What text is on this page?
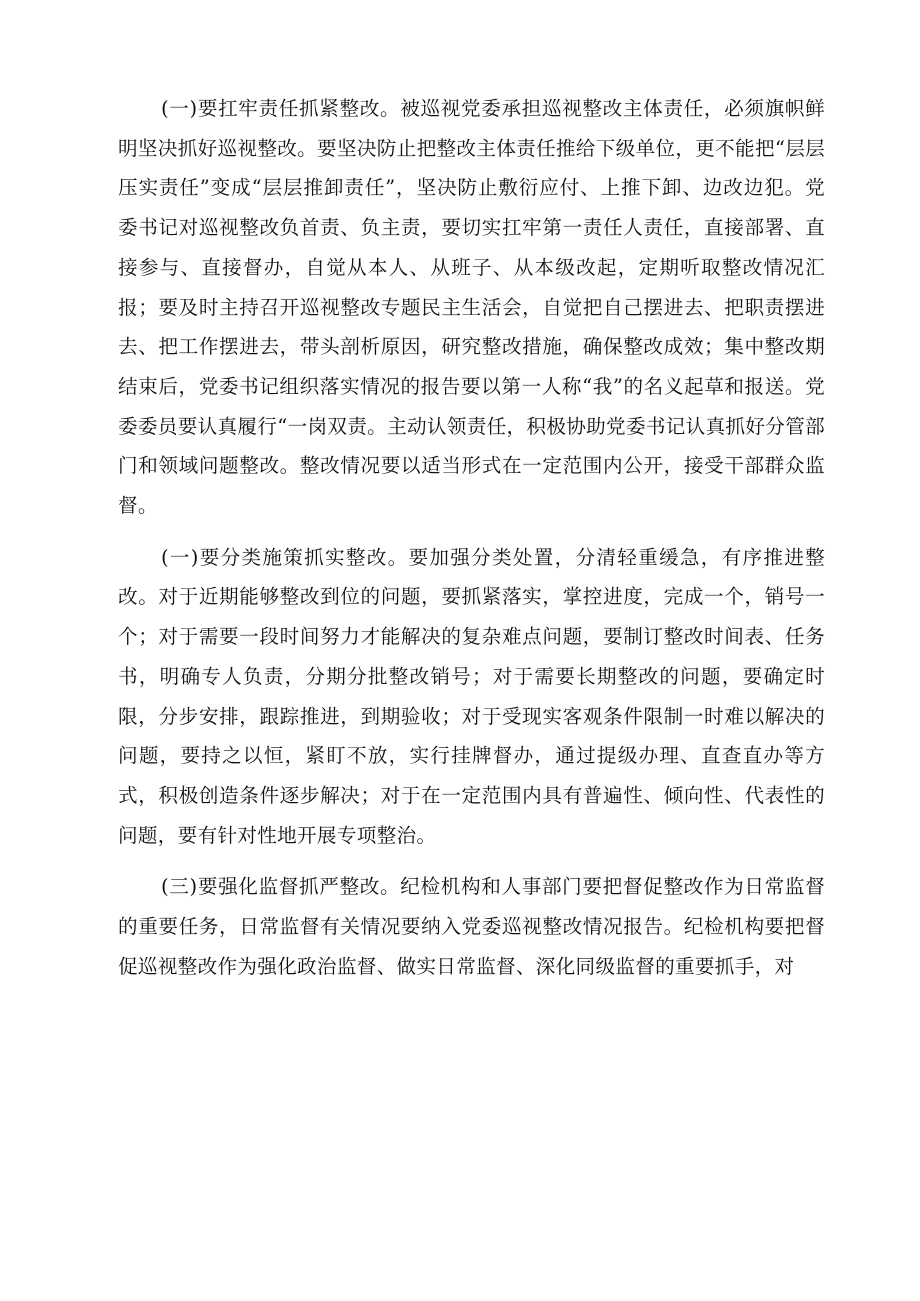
(一)要扛牢责任抓紧整改。被巡视党委承担巡视整改主体责任，必须旗帜鲜明坚决抓好巡视整改。要坚决防止把整改主体责任推给下级单位，更不能把“层层压实责任”变成“层层推卸责任”，坚决防止敷衍应付、上推下卸、边改边犯。党委书记对巡视整改负首责、负主责，要切实扛牢第一责任人责任，直接部署、直接参与、直接督办，自觉从本人、从班子、从本级改起，定期听取整改情况汇报；要及时主持召开巡视整改专题民主生活会，自觉把自己摆进去、把职责摆进去、把工作摆进去，带头剖析原因，研究整改措施，确保整改成效；集中整改期结束后，党委书记组织落实情况的报告要以第一人称“我”的名义起草和报送。党委委员要认真履行“一岗双责。主动认领责任，积极协助党委书记认真抓好分管部门和领域问题整改。整改情况要以适当形式在一定范围内公开，接受干部群众监督。

(一)要分类施策抓实整改。要加强分类处置，分清轻重缓急，有序推进整改。对于近期能够整改到位的问题，要抓紧落实，掌控进度，完成一个，销号一个；对于需要一段时间努力才能解决的复杂难点问题，要制订整改时间表、任务书，明确专人负责，分期分批整改销号；对于需要长期整改的问题，要确定时限，分步安排，跟踪推进，到期验收；对于受现实客观条件限制一时难以解决的问题，要持之以恒，紧盯不放，实行挂牌督办，通过提级办理、直查直办等方式，积极创造条件逐步解决；对于在一定范围内具有普遍性、倾向性、代表性的问题，要有针对性地开展专项整治。

(三)要强化监督抓严整改。纪检机构和人事部门要把督促整改作为日常监督的重要任务，日常监督有关情况要纳入党委巡视整改情况报告。纪检机构要把督促巡视整改作为强化政治监督、做实日常监督、深化同级监督的重要抓手，对
